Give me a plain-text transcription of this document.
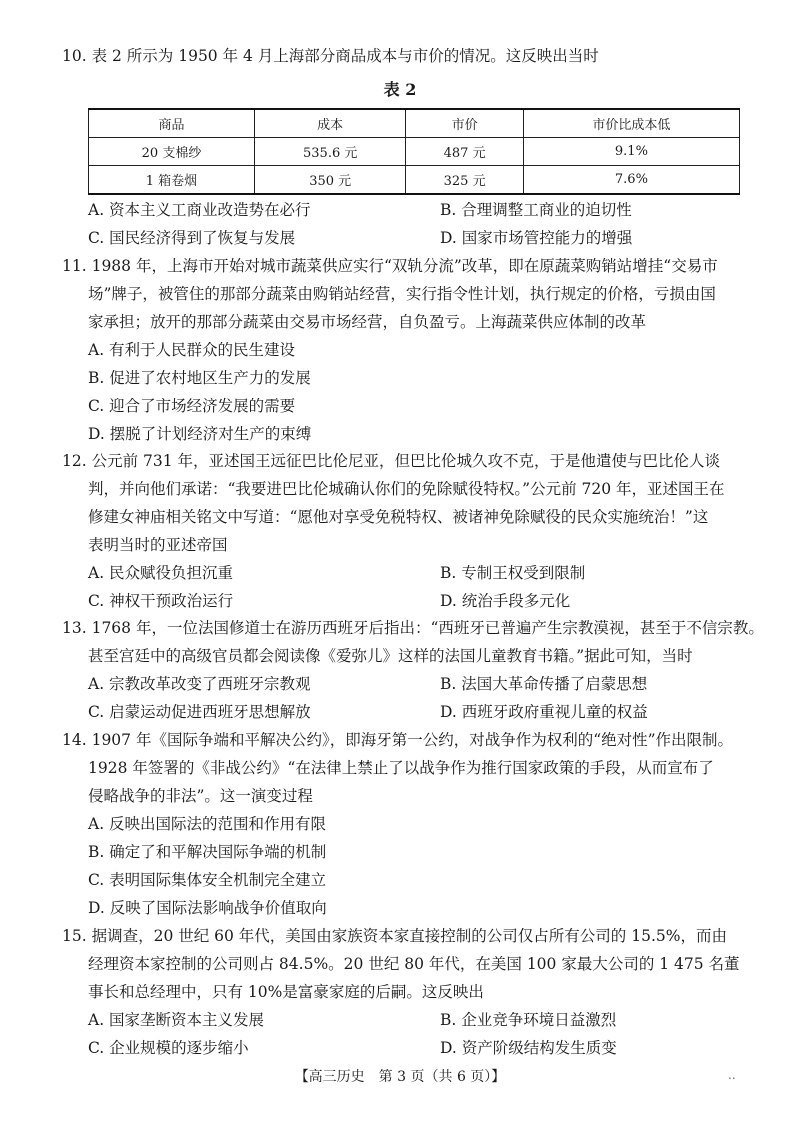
10. 表 2 所示为 1950 年 4 月上海部分商品成本与市价的情况。这反映出当时
表 2
商品	成本	市价	市价比成本低
20 支棉纱	535.6 元	487 元	9.1%
1 箱卷烟	350 元	325 元	7.6%
A. 资本主义工商业改造势在必行	B. 合理调整工商业的迫切性
C. 国民经济得到了恢复与发展	D. 国家市场管控能力的增强
11. 1988 年，上海市开始对城市蔬菜供应实行“双轨分流”改革，即在原蔬菜购销站增挂“交易市
场”牌子，被管住的那部分蔬菜由购销站经营，实行指令性计划，执行规定的价格，亏损由国
家承担；放开的那部分蔬菜由交易市场经营，自负盈亏。上海蔬菜供应体制的改革
A. 有利于人民群众的民生建设
B. 促进了农村地区生产力的发展
C. 迎合了市场经济发展的需要
D. 摆脱了计划经济对生产的束缚
12. 公元前 731 年，亚述国王远征巴比伦尼亚，但巴比伦城久攻不克，于是他遣使与巴比伦人谈
判，并向他们承诺：“我要进巴比伦城确认你们的免除赋役特权。”公元前 720 年，亚述国王在
修建女神庙相关铭文中写道：“愿他对享受免税特权、被诸神免除赋役的民众实施统治！”这
表明当时的亚述帝国
A. 民众赋役负担沉重	B. 专制王权受到限制
C. 神权干预政治运行	D. 统治手段多元化
13. 1768 年，一位法国修道士在游历西班牙后指出：“西班牙已普遍产生宗教漠视，甚至于不信宗教。
甚至宫廷中的高级官员都会阅读像《爱弥儿》这样的法国儿童教育书籍。”据此可知，当时
A. 宗教改革改变了西班牙宗教观	B. 法国大革命传播了启蒙思想
C. 启蒙运动促进西班牙思想解放	D. 西班牙政府重视儿童的权益
14. 1907 年《国际争端和平解决公约》，即海牙第一公约，对战争作为权利的“绝对性”作出限制。
1928 年签署的《非战公约》“在法律上禁止了以战争作为推行国家政策的手段，从而宣布了
侵略战争的非法”。这一演变过程
A. 反映出国际法的范围和作用有限
B. 确定了和平解决国际争端的机制
C. 表明国际集体安全机制完全建立
D. 反映了国际法影响战争价值取向
15. 据调查，20 世纪 60 年代，美国由家族资本家直接控制的公司仅占所有公司的 15.5%，而由
经理资本家控制的公司则占 84.5%。20 世纪 80 年代，在美国 100 家最大公司的 1 475 名董
事长和总经理中，只有 10%是富豪家庭的后嗣。这反映出
A. 国家垄断资本主义发展	B. 企业竞争环境日益激烈
C. 企业规模的逐步缩小	D. 资产阶级结构发生质变
【高三历史　第 3 页（共 6 页）】	..
